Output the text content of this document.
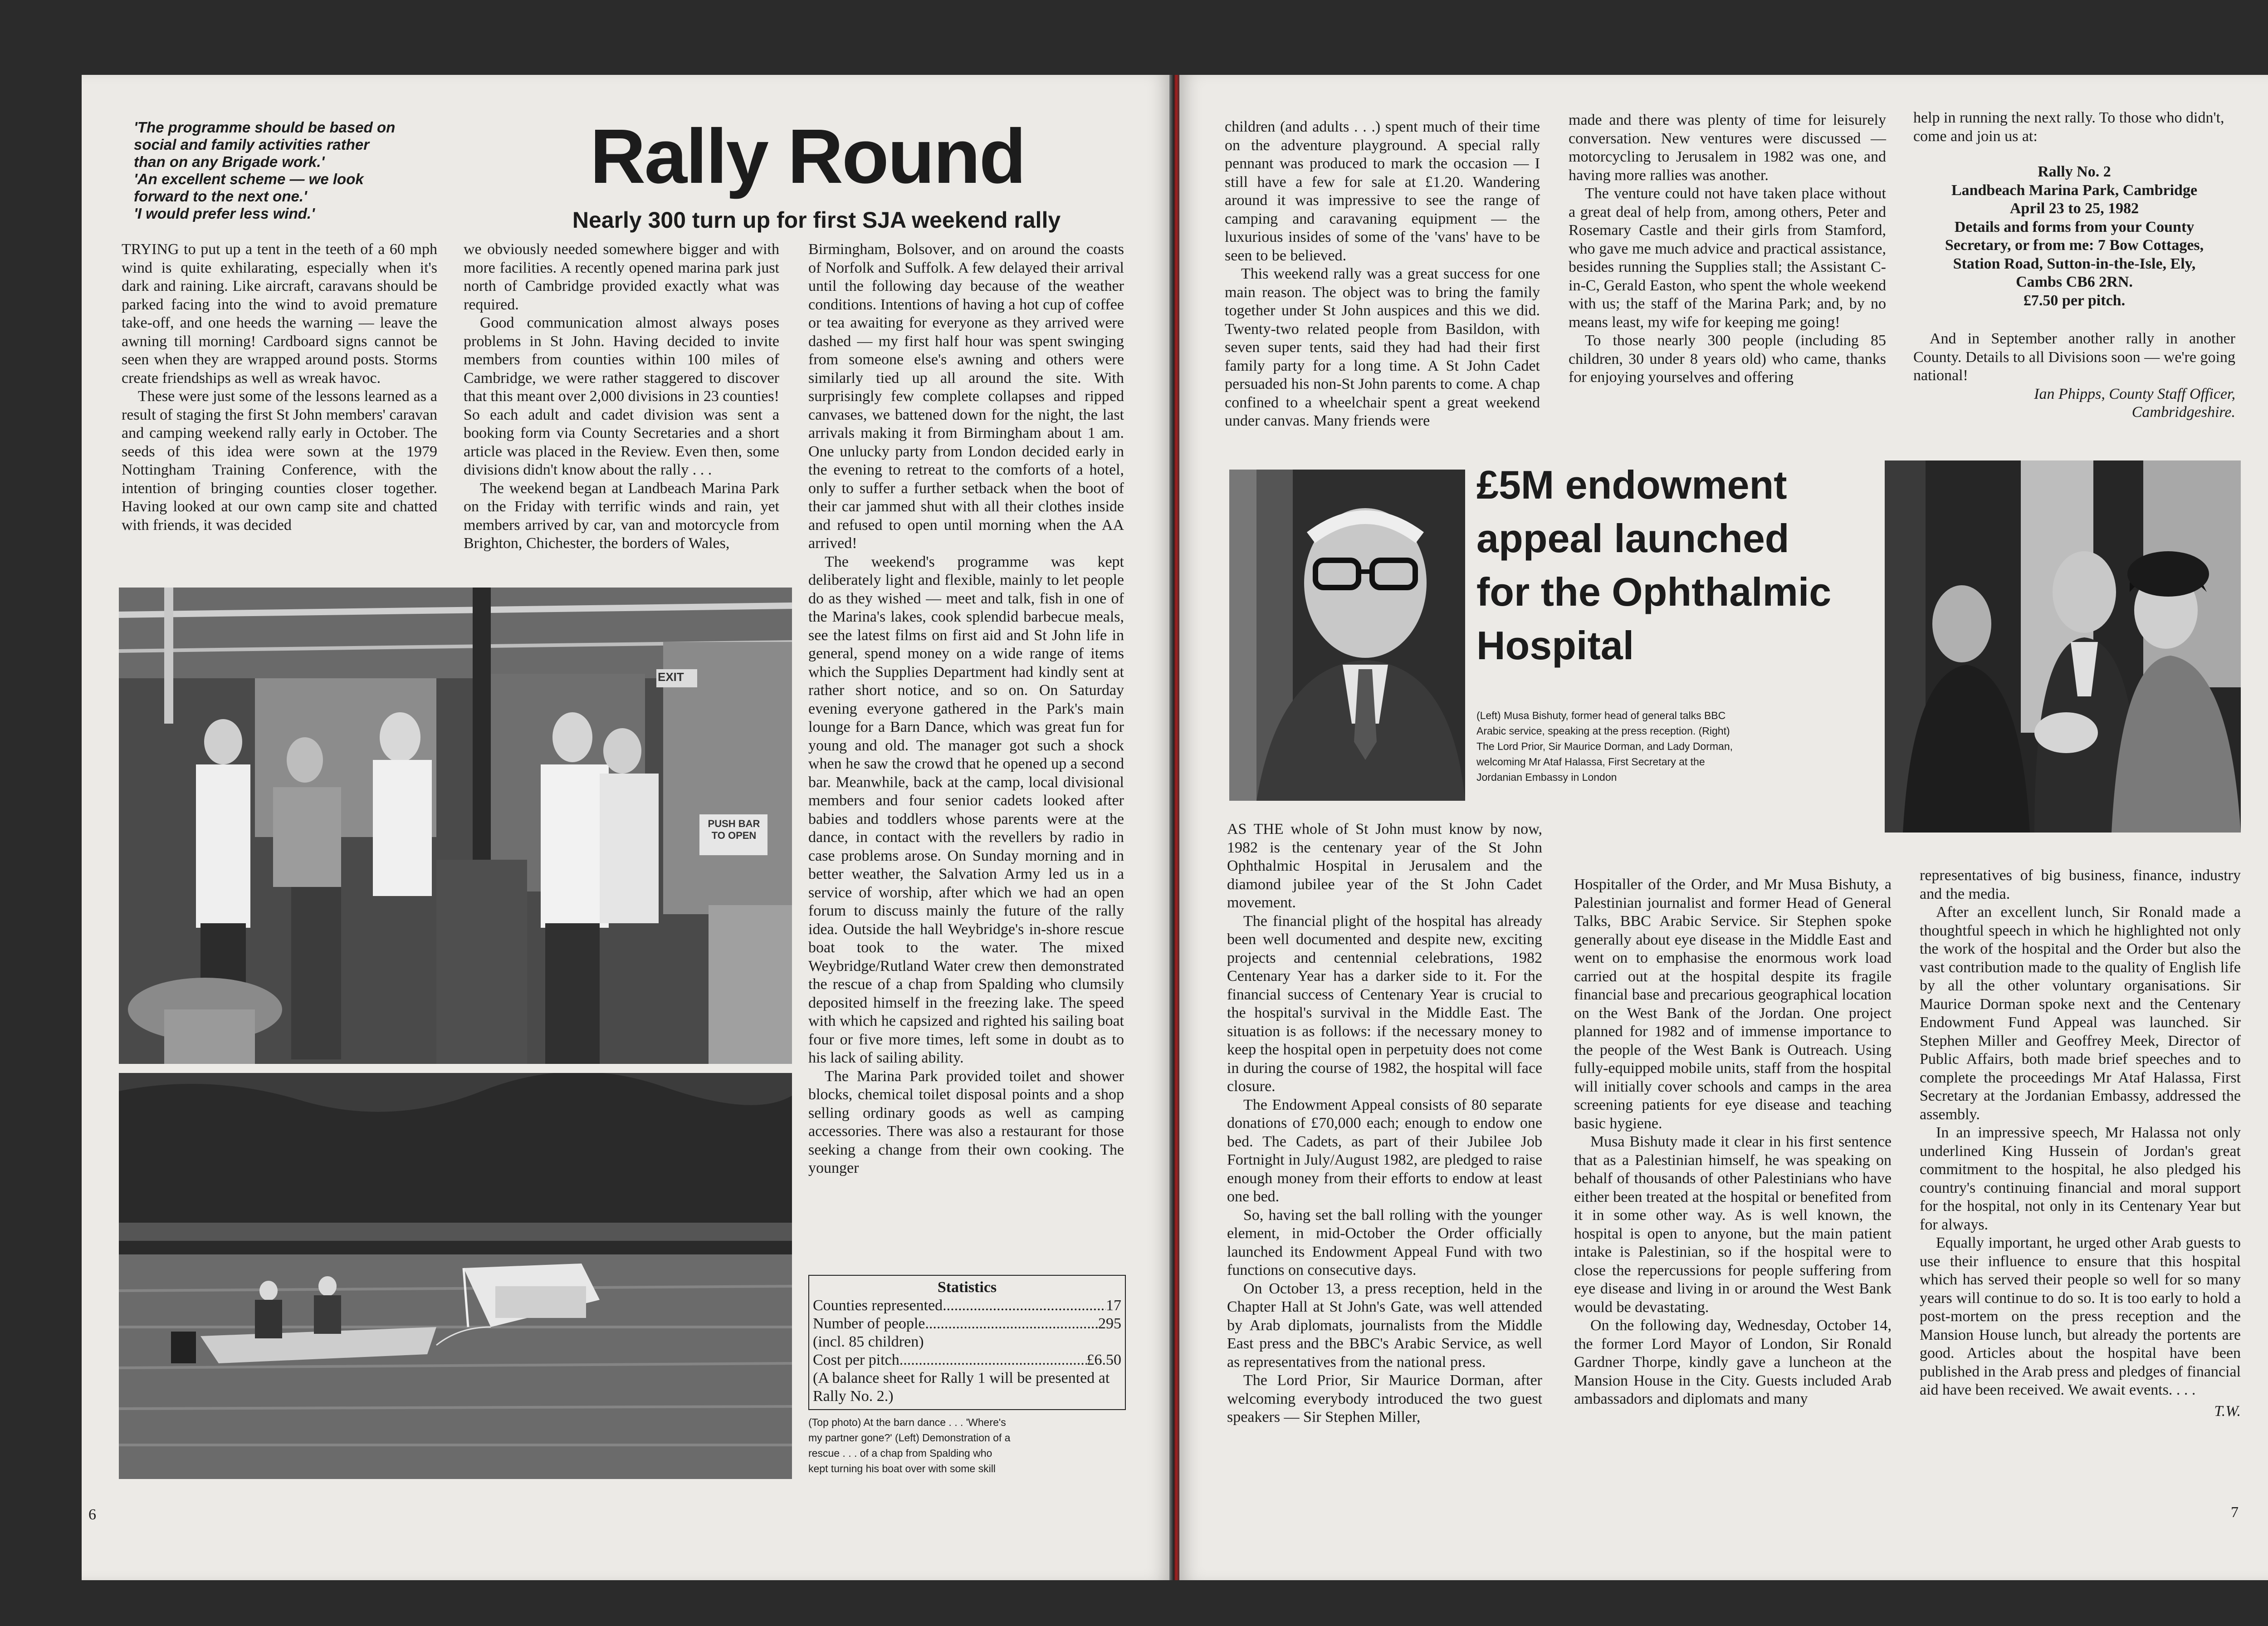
'The programme should be based on
social and family activities rather
than on any Brigade work.'
'An excellent scheme — we look
forward to the next one.'
'I would prefer less wind.'
Rally Round
Nearly 300 turn up for first SJA weekend rally

TRYING to put up a tent in the teeth of a 60 mph wind is quite exhilarating, especially when it's dark and raining. Like aircraft, caravans should be parked facing into the wind to avoid premature take-off, and one heeds the warning — leave the awning till morning! Cardboard signs cannot be seen when they are wrapped around posts. Storms create friendships as well as wreak havoc.

These were just some of the lessons learned as a result of staging the first St John members' caravan and camping weekend rally early in October. The seeds of this idea were sown at the 1979 Nottingham Training Conference, with the intention of bringing counties closer together. Having looked at our own camp site and chatted with friends, it was decided

we obviously needed somewhere bigger and with more facilities. A recently opened marina park just north of Cambridge provided exactly what was required.

Good communication almost always poses problems in St John. Having decided to invite members from counties within 100 miles of Cambridge, we were rather staggered to discover that this meant over 2,000 divisions in 23 counties! So each adult and cadet division was sent a booking form via County Secretaries and a short article was placed in the Review. Even then, some divisions didn't know about the rally . . .

The weekend began at Landbeach Marina Park on the Friday with terrific winds and rain, yet members arrived by car, van and motorcycle from Brighton, Chichester, the borders of Wales,

Birmingham, Bolsover, and on around the coasts of Norfolk and Suffolk. A few delayed their arrival until the following day because of the weather conditions. Intentions of having a hot cup of coffee or tea awaiting for everyone as they arrived were dashed — my first half hour was spent swinging from someone else's awning and others were similarly tied up all around the site. With surprisingly few complete collapses and ripped canvases, we battened down for the night, the last arrivals making it from Birmingham about 1 am. One unlucky party from London decided early in the evening to retreat to the comforts of a hotel, only to suffer a further setback when the boot of their car jammed shut with all their clothes inside and refused to open until morning when the AA arrived!

The weekend's programme was kept deliberately light and flexible, mainly to let people do as they wished — meet and talk, fish in one of the Marina's lakes, cook splendid barbecue meals, see the latest films on first aid and St John life in general, spend money on a wide range of items which the Supplies Department had kindly sent at rather short notice, and so on. On Saturday evening everyone gathered in the Park's main lounge for a Barn Dance, which was great fun for young and old. The manager got such a shock when he saw the crowd that he opened up a second bar. Meanwhile, back at the camp, local divisional members and four senior cadets looked after babies and toddlers whose parents were at the dance, in contact with the revellers by radio in case problems arose. On Sunday morning and in better weather, the Salvation Army led us in a service of worship, after which we had an open forum to discuss mainly the future of the rally idea. Outside the hall Weybridge's in-shore rescue boat took to the water. The mixed Weybridge/Rutland Water crew then demonstrated the rescue of a chap from Spalding who clumsily deposited himself in the freezing lake. The speed with which he capsized and righted his sailing boat four or five more times, left some in doubt as to his lack of sailing ability.

The Marina Park provided toilet and shower blocks, chemical toilet disposal points and a shop selling ordinary goods as well as camping accessories. There was also a restaurant for those seeking a change from their own cooking. The younger

EXIT
PUSH BAR TO OPEN
Statistics
Counties represented .....	17
Number of people .....	295
(incl. 85 children)
Cost per pitch .....	£6.50
(A balance sheet for Rally 1 will be presented at Rally No. 2.)
(Top photo) At the barn dance . . . 'Where's
my partner gone?' (Left) Demonstration of a
rescue . . . of a chap from Spalding who
kept turning his boat over with some skill
6

children (and adults . . .) spent much of their time on the adventure playground. A special rally pennant was produced to mark the occasion — I still have a few for sale at £1.20. Wandering around it was impressive to see the range of camping and caravaning equipment — the luxurious insides of some of the 'vans' have to be seen to be believed.

This weekend rally was a great success for one main reason. The object was to bring the family together under St John auspices and this we did. Twenty-two related people from Basildon, with seven super tents, said they had had their first family party for a long time. A St John Cadet persuaded his non-St John parents to come. A chap confined to a wheelchair spent a great weekend under canvas. Many friends were

made and there was plenty of time for leisurely conversation. New ventures were discussed — motorcycling to Jerusalem in 1982 was one, and having more rallies was another.

The venture could not have taken place without a great deal of help from, among others, Peter and Rosemary Castle and their girls from Stamford, who gave me much advice and practical assistance, besides running the Supplies stall; the Assistant C-in-C, Gerald Easton, who spent the whole weekend with us; the staff of the Marina Park; and, by no means least, my wife for keeping me going!

To those nearly 300 people (including 85 children, 30 under 8 years old) who came, thanks for enjoying yourselves and offering

help in running the next rally. To those who didn't, come and join us at:

Rally No. 2
Landbeach Marina Park, Cambridge
April 23 to 25, 1982
Details and forms from your County
Secretary, or from me: 7 Bow Cottages,
Station Road, Sutton-in-the-Isle, Ely,
Cambs CB6 2RN.
£7.50 per pitch.

And in September another rally in another County. Details to all Divisions soon — we're going national!

Ian Phipps, County Staff Officer,
Cambridgeshire.
£5M endowment
appeal launched
for the Ophthalmic
Hospital
(Left) Musa Bishuty, former head of general talks BBC
Arabic service, speaking at the press reception. (Right)
The Lord Prior, Sir Maurice Dorman, and Lady Dorman,
welcoming Mr Ataf Halassa, First Secretary at the
Jordanian Embassy in London

AS THE whole of St John must know by now, 1982 is the centenary year of the St John Ophthalmic Hospital in Jerusalem and the diamond jubilee year of the St John Cadet movement.

The financial plight of the hospital has already been well documented and despite new, exciting projects and centennial celebrations, 1982 Centenary Year has a darker side to it. For the financial success of Centenary Year is crucial to the hospital's survival in the Middle East. The situation is as follows: if the necessary money to keep the hospital open in perpetuity does not come in during the course of 1982, the hospital will face closure.

The Endowment Appeal consists of 80 separate donations of £70,000 each; enough to endow one bed. The Cadets, as part of their Jubilee Job Fortnight in July/August 1982, are pledged to raise enough money from their efforts to endow at least one bed.

So, having set the ball rolling with the younger element, in mid-October the Order officially launched its Endowment Appeal Fund with two functions on consecutive days.

On October 13, a press reception, held in the Chapter Hall at St John's Gate, was well attended by Arab diplomats, journalists from the Middle East press and the BBC's Arabic Service, as well as representatives from the national press.

The Lord Prior, Sir Maurice Dorman, after welcoming everybody introduced the two guest speakers — Sir Stephen Miller,

Hospitaller of the Order, and Mr Musa Bishuty, a Palestinian journalist and former Head of General Talks, BBC Arabic Service. Sir Stephen spoke generally about eye disease in the Middle East and went on to emphasise the enormous work load carried out at the hospital despite its fragile financial base and precarious geographical location on the West Bank of the Jordan. One project planned for 1982 and of immense importance to the people of the West Bank is Outreach. Using fully-equipped mobile units, staff from the hospital will initially cover schools and camps in the area screening patients for eye disease and teaching basic hygiene.

Musa Bishuty made it clear in his first sentence that as a Palestinian himself, he was speaking on behalf of thousands of other Palestinians who have either been treated at the hospital or benefited from it in some other way. As is well known, the hospital is open to anyone, but the main patient intake is Palestinian, so if the hospital were to close the repercussions for people suffering from eye disease and living in or around the West Bank would be devastating.

On the following day, Wednesday, October 14, the former Lord Mayor of London, Sir Ronald Gardner Thorpe, kindly gave a luncheon at the Mansion House in the City. Guests included Arab ambassadors and diplomats and many

representatives of big business, finance, industry and the media.

After an excellent lunch, Sir Ronald made a thoughtful speech in which he highlighted not only the work of the hospital and the Order but also the vast contribution made to the quality of English life by all the other voluntary organisations. Sir Maurice Dorman spoke next and the Centenary Endowment Fund Appeal was launched. Sir Stephen Miller and Geoffrey Meek, Director of Public Affairs, both made brief speeches and to complete the proceedings Mr Ataf Halassa, First Secretary at the Jordanian Embassy, addressed the assembly.

In an impressive speech, Mr Halassa not only underlined King Hussein of Jordan's great commitment to the hospital, he also pledged his country's continuing financial and moral support for the hospital, not only in its Centenary Year but for always.

Equally important, he urged other Arab guests to use their influence to ensure that this hospital which has served their people so well for so many years will continue to do so. It is too early to hold a post-mortem on the press reception and the Mansion House lunch, but already the portents are good. Articles about the hospital have been published in the Arab press and pledges of financial aid have been received. We await events. . . .

T.W.
7
